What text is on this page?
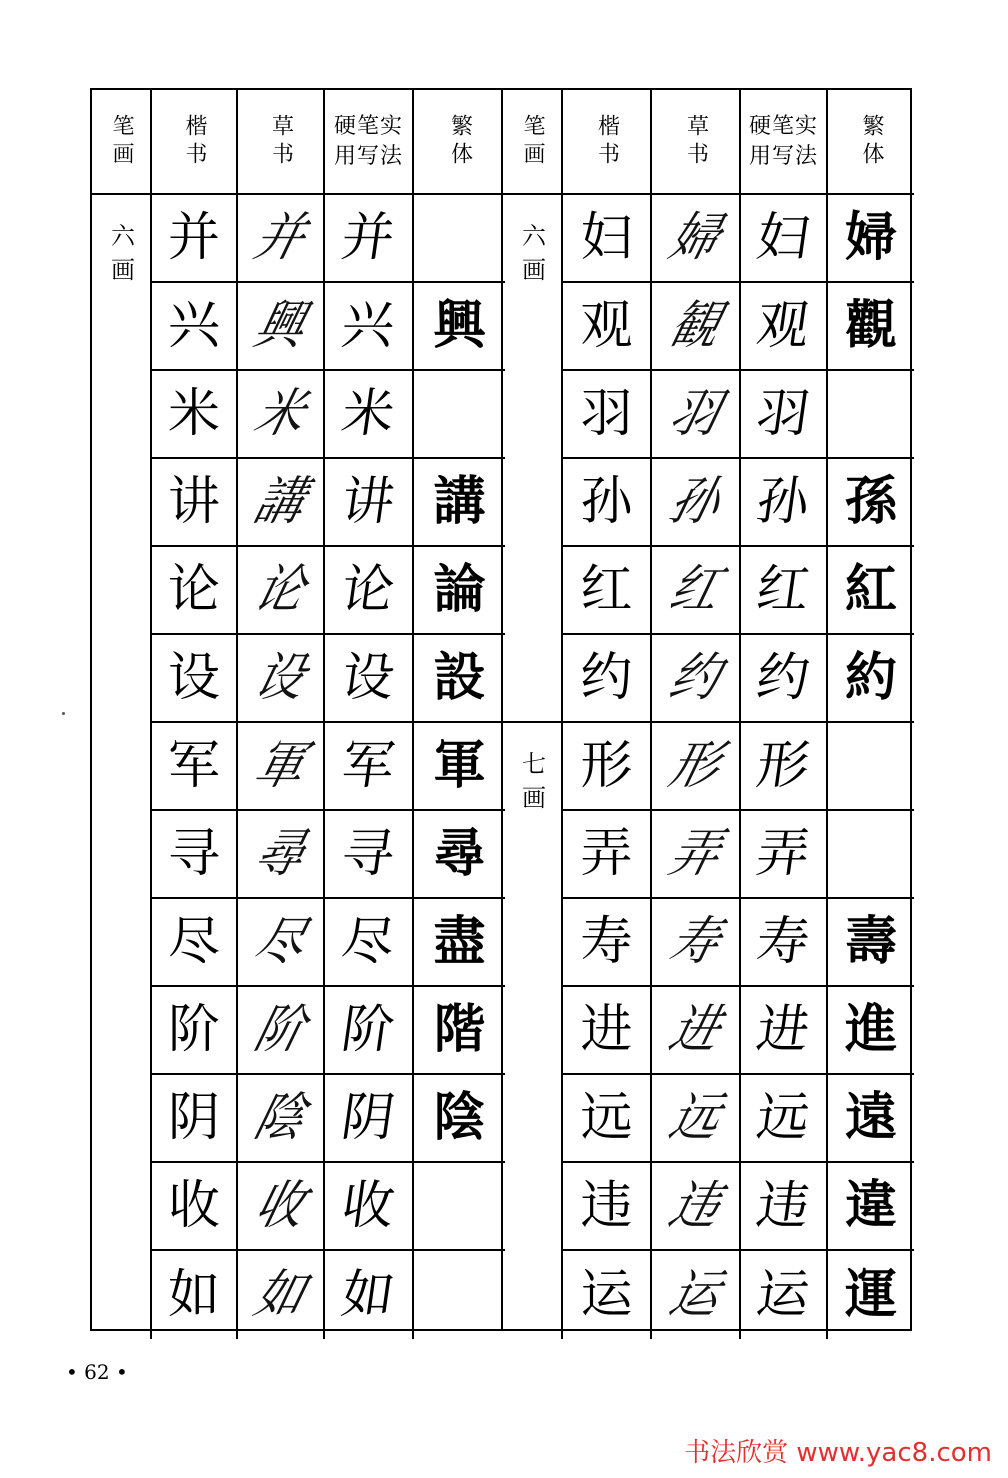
笔画 楷书	草书 硬笔实用写法 繁体
六画 并 并 并
兴 興 兴 興
米 米 米
讲 講 讲 講
论 论 论 論
设 设 设 設
军 軍 军 軍
寻 尋 寻 尋
尽 尽 尽 盡
阶 阶 阶 階
阴 陰 阴 陰
收 收 收
如 如 如
笔画 楷书	草书 硬笔实用写法 繁体
六画
七画
妇 婦 妇 婦
观 観 观 觀
羽 羽 羽
孙 孙 孙 孫
红 红 红 紅
约 约 约 約
形 形 形
弄 弄 弄
寿 寿 寿 壽
进 进 进 進
远 远 远 遠
违 违 违 違
运 运 运 運
• 62 •
书法欣赏 www.yac8.com
